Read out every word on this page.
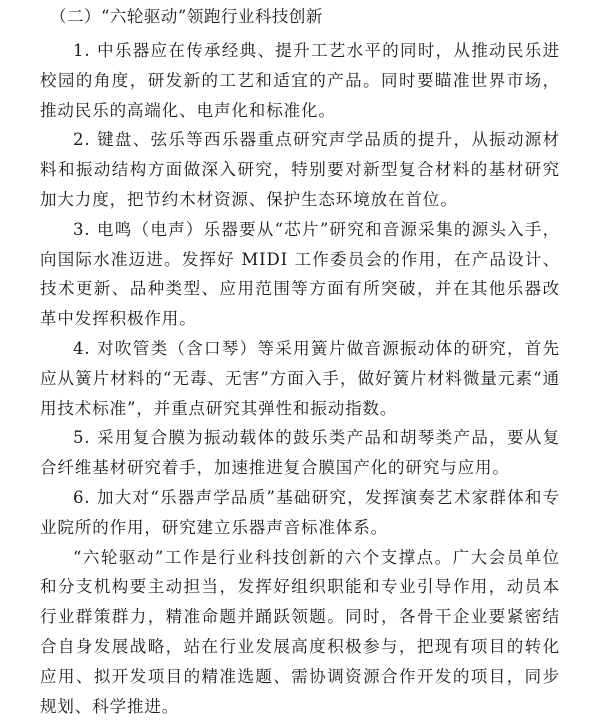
（二）“六轮驱动”领跑行业科技创新

1. 中乐器应在传承经典、提升工艺水平的同时，从推动民乐进校园的角度，研发新的工艺和适宜的产品。同时要瞄准世界市场，推动民乐的高端化、电声化和标准化。

2. 键盘、弦乐等西乐器重点研究声学品质的提升，从振动源材料和振动结构方面做深入研究，特别要对新型复合材料的基材研究加大力度，把节约木材资源、保护生态环境放在首位。

3. 电鸣（电声）乐器要从“芯片”研究和音源采集的源头入手，向国际水准迈进。发挥好 MIDI 工作委员会的作用，在产品设计、技术更新、品种类型、应用范围等方面有所突破，并在其他乐器改革中发挥积极作用。

4. 对吹管类（含口琴）等采用簧片做音源振动体的研究，首先应从簧片材料的“无毒、无害”方面入手，做好簧片材料微量元素“通用技术标准”，并重点研究其弹性和振动指数。

5. 采用复合膜为振动载体的鼓乐类产品和胡琴类产品，要从复合纤维基材研究着手，加速推进复合膜国产化的研究与应用。

6. 加大对“乐器声学品质”基础研究，发挥演奏艺术家群体和专业院所的作用，研究建立乐器声音标准体系。

“六轮驱动”工作是行业科技创新的六个支撑点。广大会员单位和分支机构要主动担当，发挥好组织职能和专业引导作用，动员本行业群策群力，精准命题并踊跃领题。同时，各骨干企业要紧密结合自身发展战略，站在行业发展高度积极参与，把现有项目的转化应用、拟开发项目的精准选题、需协调资源合作开发的项目，同步规划、科学推进。
